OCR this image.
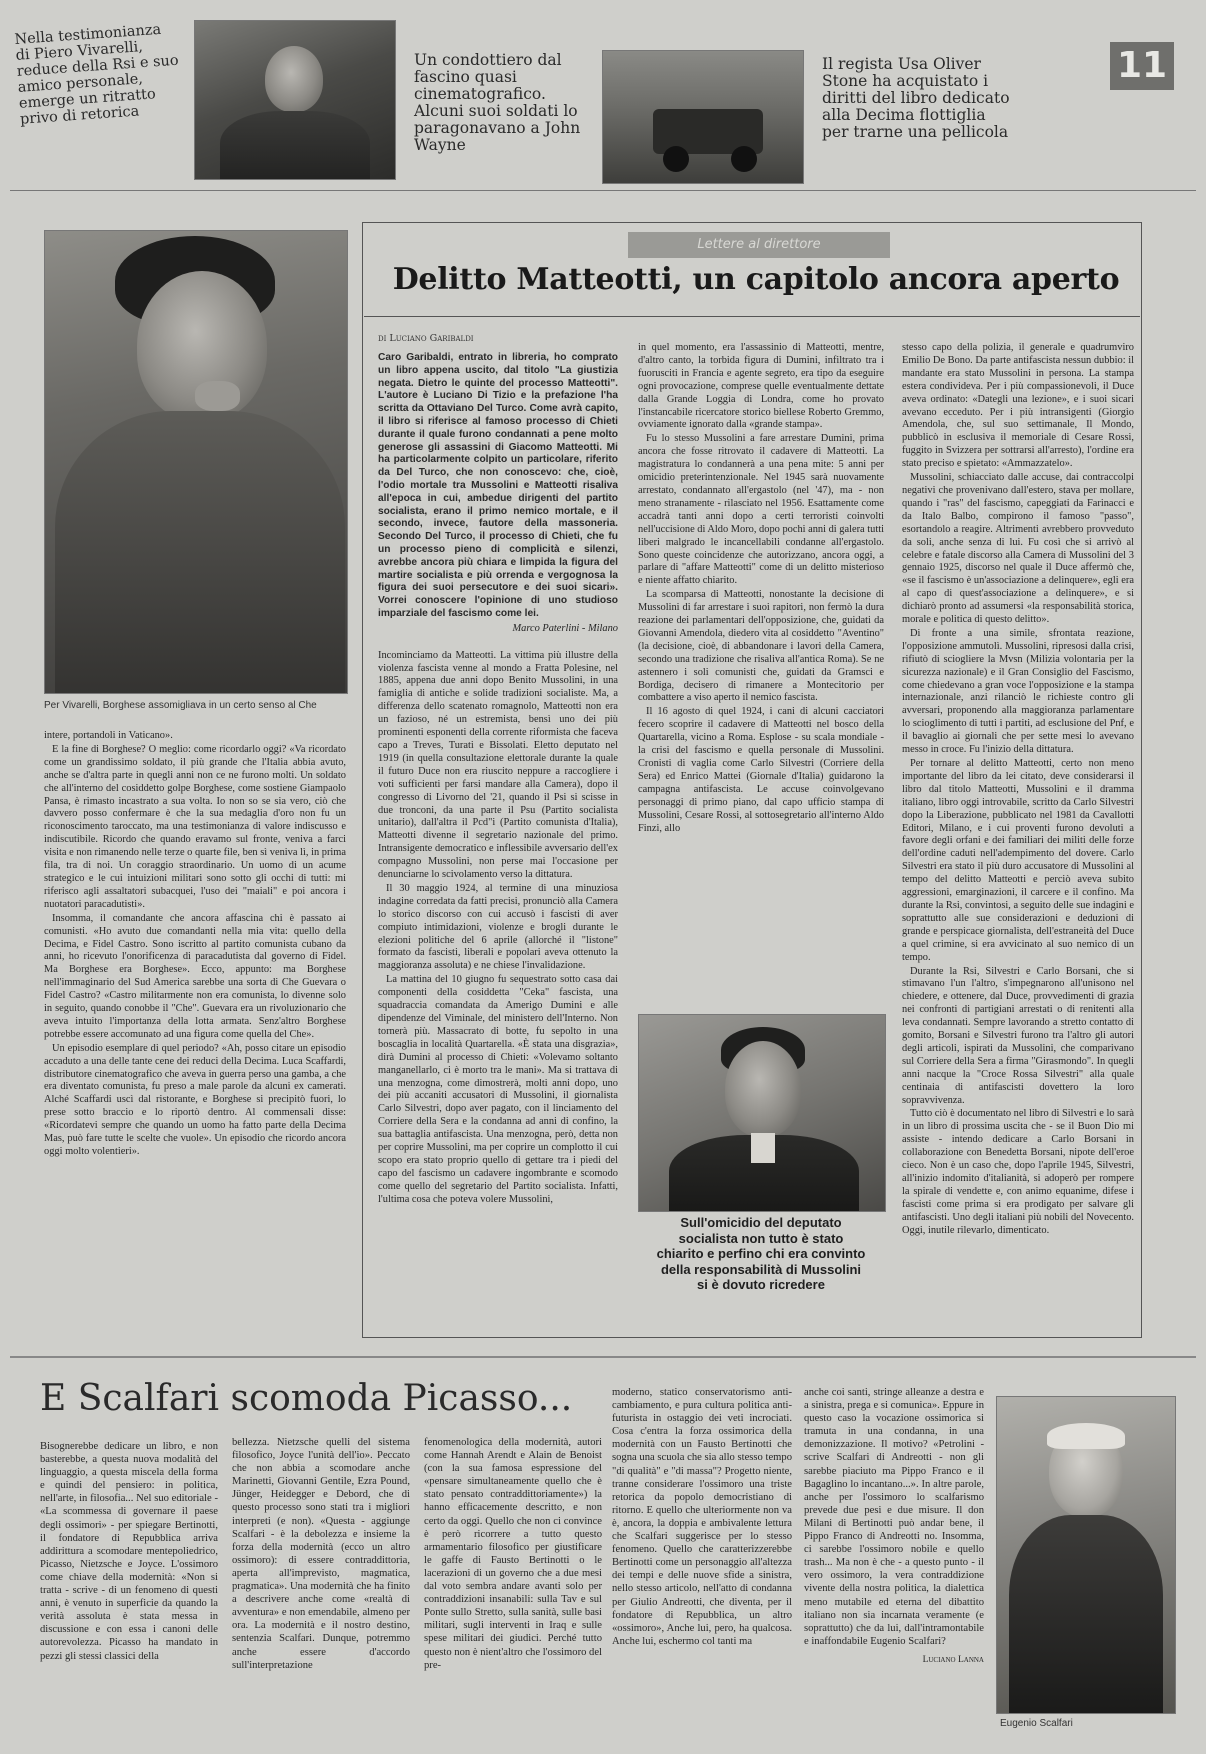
Nella testimonianza di Piero Vivarelli, reduce della Rsi e suo amico personale, emerge un ritratto privo di retorica
Un condottiero dal fascino quasi cinematografico. Alcuni suoi soldati lo paragonavano a John Wayne
Il regista Usa Oliver Stone ha acquistato i diritti del libro dedicato alla Decima flottiglia per trarne una pellicola
11
Per Vivarelli, Borghese assomigliava in un certo senso al Che

intere, portandoli in Vaticano».

E la fine di Borghese? O meglio: come ricordarlo oggi? «Va ricordato come un grandissimo soldato, il più grande che l'Italia abbia avuto, anche se d'altra parte in quegli anni non ce ne furono molti. Un soldato che all'interno del cosiddetto golpe Borghese, come sostiene Giampaolo Pansa, è rimasto incastrato a sua volta. Io non so se sia vero, ciò che davvero posso confermare è che la sua medaglia d'oro non fu un riconoscimento taroccato, ma una testimonianza di valore indiscusso e indiscutibile. Ricordo che quando eravamo sul fronte, veniva a farci visita e non rimanendo nelle terze o quarte file, ben sì veniva lì, in prima fila, tra di noi. Un coraggio straordinario. Un uomo di un acume strategico e le cui intuizioni militari sono sotto gli occhi di tutti: mi riferisco agli assaltatori subacquei, l'uso dei "maiali" e poi ancora i nuotatori paracadutisti».

Insomma, il comandante che ancora affascina chi è passato ai comunisti. «Ho avuto due comandanti nella mia vita: quello della Decima, e Fidel Castro. Sono iscritto al partito comunista cubano da anni, ho ricevuto l'onorificenza di paracadutista dal governo di Fidel. Ma Borghese era Borghese». Ecco, appunto: ma Borghese nell'immaginario del Sud America sarebbe una sorta di Che Guevara o Fidel Castro? «Castro militarmente non era comunista, lo divenne solo in seguito, quando conobbe il "Che". Guevara era un rivoluzionario che aveva intuito l'importanza della lotta armata. Senz'altro Borghese potrebbe essere accomunato ad una figura come quella del Che».

Un episodio esemplare di quel periodo? «Ah, posso citare un episodio accaduto a una delle tante cene dei reduci della Decima. Luca Scaffardi, distributore cinematografico che aveva in guerra perso una gamba, a che era diventato comunista, fu preso a male parole da alcuni ex camerati. Alché Scaffardi uscì dal ristorante, e Borghese si precipitò fuori, lo prese sotto braccio e lo riportò dentro. Al commensali disse: «Ricordatevi sempre che quando un uomo ha fatto parte della Decima Mas, può fare tutte le scelte che vuole». Un episodio che ricordo ancora oggi molto volentieri».

Lettere al direttore
Delitto Matteotti, un capitolo ancora aperto
di Luciano Garibaldi
Caro Garibaldi, entrato in libreria, ho comprato un libro appena uscito, dal titolo "La giustizia negata. Dietro le quinte del processo Matteotti". L'autore è Luciano Di Tizio e la prefazione l'ha scritta da Ottaviano Del Turco. Come avrà capito, il libro si riferisce al famoso processo di Chieti durante il quale furono condannati a pene molto generose gli assassini di Giacomo Matteotti. Mi ha particolarmente colpito un particolare, riferito da Del Turco, che non conoscevo: che, cioè, l'odio mortale tra Mussolini e Matteotti risaliva all'epoca in cui, ambedue dirigenti del partito socialista, erano il primo nemico mortale, e il secondo, invece, fautore della massoneria. Secondo Del Turco, il processo di Chieti, che fu un processo pieno di complicità e silenzi, avrebbe ancora più chiara e limpida la figura del martire socialista e più orrenda e vergognosa la figura dei suoi persecutore e dei suoi sicari». Vorrei conoscere l'opinione di uno studioso imparziale del fascismo come lei.
Marco Paterlini - Milano

Incominciamo da Matteotti. La vittima più illustre della violenza fascista venne al mondo a Fratta Polesine, nel 1885, appena due anni dopo Benito Mussolini, in una famiglia di antiche e solide tradizioni socialiste. Ma, a differenza dello scatenato romagnolo, Matteotti non era un fazioso, né un estremista, bensì uno dei più prominenti esponenti della corrente riformista che faceva capo a Treves, Turati e Bissolati. Eletto deputato nel 1919 (in quella consultazione elettorale durante la quale il futuro Duce non era riuscito neppure a raccogliere i voti sufficienti per farsi mandare alla Camera), dopo il congresso di Livorno del '21, quando il Psi si scisse in due tronconi, da una parte il Psu (Partito socialista unitario), dall'altra il Pcd"i (Partito comunista d'Italia), Matteotti divenne il segretario nazionale del primo. Intransigente democratico e inflessibile avversario dell'ex compagno Mussolini, non perse mai l'occasione per denunciarne lo scivolamento verso la dittatura.

Il 30 maggio 1924, al termine di una minuziosa indagine corredata da fatti precisi, pronunciò alla Camera lo storico discorso con cui accusò i fascisti di aver compiuto intimidazioni, violenze e brogli durante le elezioni politiche del 6 aprile (allorché il "listone" formato da fascisti, liberali e popolari aveva ottenuto la maggioranza assoluta) e ne chiese l'invalidazione.

La mattina del 10 giugno fu sequestrato sotto casa dai componenti della cosiddetta "Ceka" fascista, una squadraccia comandata da Amerigo Dumini e alle dipendenze del Viminale, del ministero dell'Interno. Non tornerà più. Massacrato di botte, fu sepolto in una boscaglia in località Quartarella. «È stata una disgrazia», dirà Dumini al processo di Chieti: «Volevamo soltanto manganellarlo, ci è morto tra le mani». Ma si trattava di una menzogna, come dimostrerà, molti anni dopo, uno dei più accaniti accusatori di Mussolini, il giornalista Carlo Silvestri, dopo aver pagato, con il linciamento del Corriere della Sera e la condanna ad anni di confino, la sua battaglia antifascista. Una menzogna, però, detta non per coprire Mussolini, ma per coprire un complotto il cui scopo era stato proprio quello di gettare tra i piedi del capo del fascismo un cadavere ingombrante e scomodo come quello del segretario del Partito socialista. Infatti, l'ultima cosa che poteva volere Mussolini,

in quel momento, era l'assassinio di Matteotti, mentre, d'altro canto, la torbida figura di Dumini, infiltrato tra i fuorusciti in Francia e agente segreto, era tipo da eseguire ogni provocazione, comprese quelle eventualmente dettate dalla Grande Loggia di Londra, come ho provato l'instancabile ricercatore storico biellese Roberto Gremmo, ovviamente ignorato dalla «grande stampa».

Fu lo stesso Mussolini a fare arrestare Dumini, prima ancora che fosse ritrovato il cadavere di Matteotti. La magistratura lo condannerà a una pena mite: 5 anni per omicidio preterintenzionale. Nel 1945 sarà nuovamente arrestato, condannato all'ergastolo (nel '47), ma - non meno stranamente - rilasciato nel 1956. Esattamente come accadrà tanti anni dopo a certi terroristi coinvolti nell'uccisione di Aldo Moro, dopo pochi anni di galera tutti liberi malgrado le incancellabili condanne all'ergastolo. Sono queste coincidenze che autorizzano, ancora oggi, a parlare di "affare Matteotti" come di un delitto misterioso e niente affatto chiarito.

La scomparsa di Matteotti, nonostante la decisione di Mussolini di far arrestare i suoi rapitori, non fermò la dura reazione dei parlamentari dell'opposizione, che, guidati da Giovanni Amendola, diedero vita al cosiddetto "Aventino" (la decisione, cioè, di abbandonare i lavori della Camera, secondo una tradizione che risaliva all'antica Roma). Se ne astennero i soli comunisti che, guidati da Gramsci e Bordiga, decisero di rimanere a Montecitorio per combattere a viso aperto il nemico fascista.

Il 16 agosto di quel 1924, i cani di alcuni cacciatori fecero scoprire il cadavere di Matteotti nel bosco della Quartarella, vicino a Roma. Esplose - su scala mondiale - la crisi del fascismo e quella personale di Mussolini. Cronisti di vaglia come Carlo Silvestri (Corriere della Sera) ed Enrico Mattei (Giornale d'Italia) guidarono la campagna antifascista. Le accuse coinvolgevano personaggi di primo piano, dal capo ufficio stampa di Mussolini, Cesare Rossi, al sottosegretario all'interno Aldo Finzi, allo

Sull'omicidio del deputato socialista non tutto è stato chiarito e perfino chi era convinto della responsabilità di Mussolini si è dovuto ricredere

stesso capo della polizia, il generale e quadrumviro Emilio De Bono. Da parte antifascista nessun dubbio: il mandante era stato Mussolini in persona. La stampa estera condivideva. Per i più compassionevoli, il Duce aveva ordinato: «Dategli una lezione», e i suoi sicari avevano ecceduto. Per i più intransigenti (Giorgio Amendola, che, sul suo settimanale, Il Mondo, pubblicò in esclusiva il memoriale di Cesare Rossi, fuggito in Svizzera per sottrarsi all'arresto), l'ordine era stato preciso e spietato: «Ammazzatelo».

Mussolini, schiacciato dalle accuse, dai contraccolpi negativi che provenivano dall'estero, stava per mollare, quando i "ras" del fascismo, capeggiati da Farinacci e da Italo Balbo, compirono il famoso "passo", esortandolo a reagire. Altrimenti avrebbero provveduto da soli, anche senza di lui. Fu così che si arrivò al celebre e fatale discorso alla Camera di Mussolini del 3 gennaio 1925, discorso nel quale il Duce affermò che, «se il fascismo è un'associazione a delinquere», egli era al capo di quest'associazione a delinquere», e si dichiarò pronto ad assumersi «la responsabilità storica, morale e politica di questo delitto».

Di fronte a una simile, sfrontata reazione, l'opposizione ammutolì. Mussolini, ripresosi dalla crisi, rifiutò di sciogliere la Mvsn (Milizia volontaria per la sicurezza nazionale) e il Gran Consiglio del Fascismo, come chiedevano a gran voce l'opposizione e la stampa internazionale, anzi rilanciò le richieste contro gli avversari, proponendo alla maggioranza parlamentare lo scioglimento di tutti i partiti, ad esclusione del Pnf, e il bavaglio ai giornali che per sette mesi lo avevano messo in croce. Fu l'inizio della dittatura.

Per tornare al delitto Matteotti, certo non meno importante del libro da lei citato, deve considerarsi il libro dal titolo Matteotti, Mussolini e il dramma italiano, libro oggi introvabile, scritto da Carlo Silvestri dopo la Liberazione, pubblicato nel 1981 da Cavallotti Editori, Milano, e i cui proventi furono devoluti a favore degli orfani e dei familiari dei militi delle forze dell'ordine caduti nell'adempimento del dovere. Carlo Silvestri era stato il più duro accusatore di Mussolini al tempo del delitto Matteotti e perciò aveva subito aggressioni, emarginazioni, il carcere e il confino. Ma durante la Rsi, convintosi, a seguito delle sue indagini e soprattutto alle sue considerazioni e deduzioni di grande e perspicace giornalista, dell'estraneità del Duce a quel crimine, si era avvicinato al suo nemico di un tempo.

Durante la Rsi, Silvestri e Carlo Borsani, che si stimavano l'un l'altro, s'impegnarono all'unisono nel chiedere, e ottenere, dal Duce, provvedimenti di grazia nei confronti di partigiani arrestati o di renitenti alla leva condannati. Sempre lavorando a stretto contatto di gomito, Borsani e Silvestri furono tra l'altro gli autori degli articoli, ispirati da Mussolini, che comparivano sul Corriere della Sera a firma "Girasmondo". In quegli anni nacque la "Croce Rossa Silvestri" alla quale centinaia di antifascisti dovettero la loro sopravvivenza.

Tutto ciò è documentato nel libro di Silvestri e lo sarà in un libro di prossima uscita che - se il Buon Dio mi assiste - intendo dedicare a Carlo Borsani in collaborazione con Benedetta Borsani, nipote dell'eroe cieco. Non è un caso che, dopo l'aprile 1945, Silvestri, all'inizio indomito d'italianità, si adoperò per rompere la spirale di vendette e, con animo equanime, difese i fascisti come prima si era prodigato per salvare gli antifascisti. Uno degli italiani più nobili del Novecento. Oggi, inutile rilevarlo, dimenticato.

E Scalfari scomoda Picasso...
Bisognerebbe dedicare un libro, e non basterebbe, a questa nuova modalità del linguaggio, a questa miscela della forma e quindi del pensiero: in politica, nell'arte, in filosofia... Nel suo editoriale - «La scommessa di governare il paese degli ossimori» - per spiegare Bertinotti, il fondatore di Repubblica arriva addirittura a scomodare mentepoliedrico, Picasso, Nietzsche e Joyce. L'ossimoro come chiave della modernità: «Non si tratta - scrive - di un fenomeno di questi anni, è venuto in superficie da quando la verità assoluta è stata messa in discussione e con essa i canoni delle autorevolezza. Picasso ha mandato in pezzi gli stessi classici della
bellezza. Nietzsche quelli del sistema filosofico, Joyce l'unità dell'io». Peccato che non abbia a scomodare anche Marinetti, Giovanni Gentile, Ezra Pound, Jünger, Heidegger e Debord, che di questo processo sono stati tra i migliori interpreti (e non). «Questa - aggiunge Scalfari - è la debolezza e insieme la forza della modernità (ecco un altro ossimoro): di essere contraddittoria, aperta all'imprevisto, magmatica, pragmatica». Una modernità che ha finito a descrivere anche come «realtà di avventura» e non emendabile, almeno per ora. La modernità e il nostro destino, sentenzia Scalfari. Dunque, potremmo anche essere d'accordo sull'interpretazione
fenomenologica della modernità, autori come Hannah Arendt e Alain de Benoist (con la sua famosa espressione del «pensare simultaneamente quello che è stato pensato contraddittoriamente») la hanno efficacemente descritto, e non certo da oggi. Quello che non ci convince è però ricorrere a tutto questo armamentario filosofico per giustificare le gaffe di Fausto Bertinotti o le lacerazioni di un governo che a due mesi dal voto sembra andare avanti solo per contraddizioni insanabili: sulla Tav e sul Ponte sullo Stretto, sulla sanità, sulle basi militari, sugli interventi in Iraq e sulle spese militari dei giudici. Perché tutto questo non è nient'altro che l'ossimoro del pre-
moderno, statico conservatorismo anti-cambiamento, e pura cultura politica anti-futurista in ostaggio dei veti incrociati. Cosa c'entra la forza ossimorica della modernità con un Fausto Bertinotti che sogna una scuola che sia allo stesso tempo "di qualità" e "di massa"? Progetto niente, tranne considerare l'ossimoro una triste retorica da popolo democristiano di ritorno. E quello che ulteriormente non va è, ancora, la doppia e ambivalente lettura che Scalfari suggerisce per lo stesso fenomeno. Quello che caratterizzerebbe Bertinotti come un personaggio all'altezza dei tempi e delle nuove sfide a sinistra, nello stesso articolo, nell'atto di condanna per Giulio Andreotti, che diventa, per il fondatore di Repubblica, un altro «ossimoro», Anche lui, pero, ha qualcosa. Anche lui, eschermo col tanti ma
anche coi santi, stringe alleanze a destra e a sinistra, prega e si comunica». Eppure in questo caso la vocazione ossimorica si tramuta in una condanna, in una demonizzazione. Il motivo? «Petrolini - scrive Scalfari di Andreotti - non gli sarebbe piaciuto ma Pippo Franco e il Bagaglino lo incantano...». In altre parole, anche per l'ossimoro lo scalfarismo prevede due pesi e due misure. Il don Milani di Bertinotti può andar bene, il Pippo Franco di Andreotti no. Insomma, ci sarebbe l'ossimoro nobile e quello trash... Ma non è che - a questo punto - il vero ossimoro, la vera contraddizione vivente della nostra politica, la dialettica meno mutabile ed eterna del dibattito italiano non sia incarnata veramente (e soprattutto) che da lui, dall'intramontabile e inaffondabile Eugenio Scalfari?
Luciano Lanna
Eugenio Scalfari
